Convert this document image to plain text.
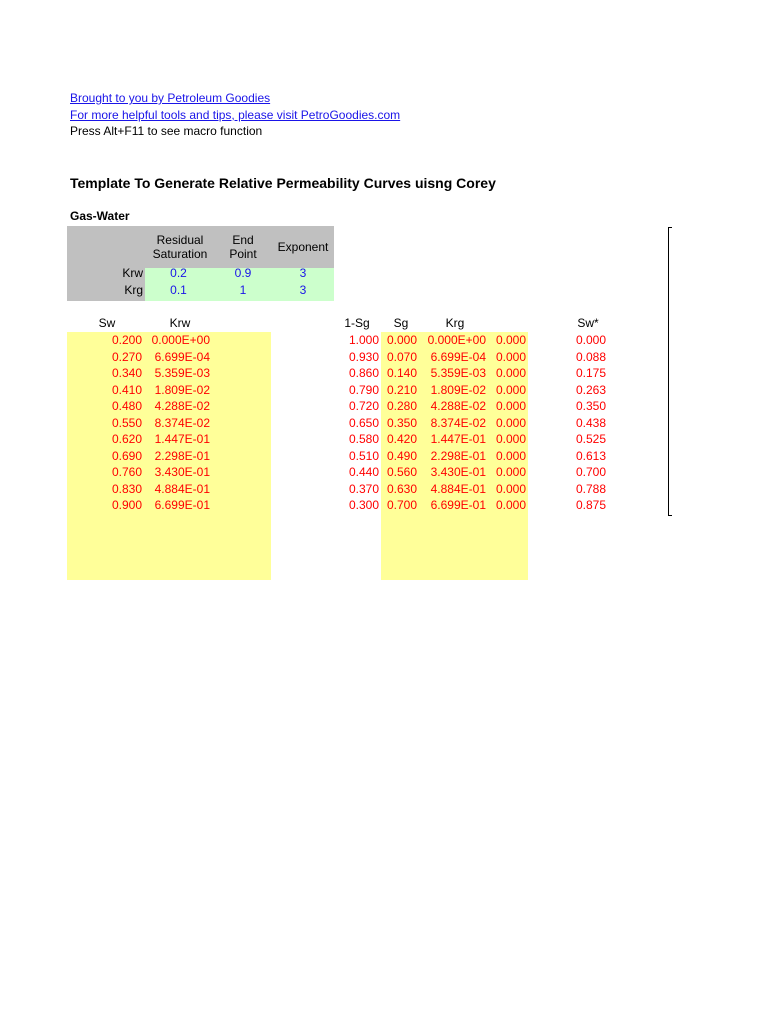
Brought to you by Petroleum Goodies
For more helpful tools and tips, please visit PetroGoodies.com
Press Alt+F11 to see macro function
Template To Generate Relative Permeability Curves uisng Corey
Gas-Water
Residual
Saturation
End
Point	Exponent
Krw	0.2	0.9	3
Krg	0.1	1	3
Sw	Krw	1-Sg	Sg	Krg	Sw*
0.200 0.000E+00	1.000 0.000 0.000E+00 0.000	0.000
0.270	6.699E-04	0.930 0.070	6.699E-04 0.000	0.088
0.340	5.359E-03	0.860 0.140	5.359E-03 0.000	0.175
0.410	1.809E-02	0.790 0.210	1.809E-02 0.000	0.263
0.480	4.288E-02	0.720 0.280	4.288E-02 0.000	0.350
0.550	8.374E-02	0.650 0.350	8.374E-02 0.000	0.438
0.620	1.447E-01	0.580 0.420	1.447E-01 0.000	0.525
0.690	2.298E-01	0.510 0.490	2.298E-01 0.000	0.613
0.760	3.430E-01	0.440 0.560	3.430E-01 0.000	0.700
0.830	4.884E-01	0.370 0.630	4.884E-01 0.000	0.788
0.900	6.699E-01	0.300 0.700	6.699E-01 0.000	0.875
